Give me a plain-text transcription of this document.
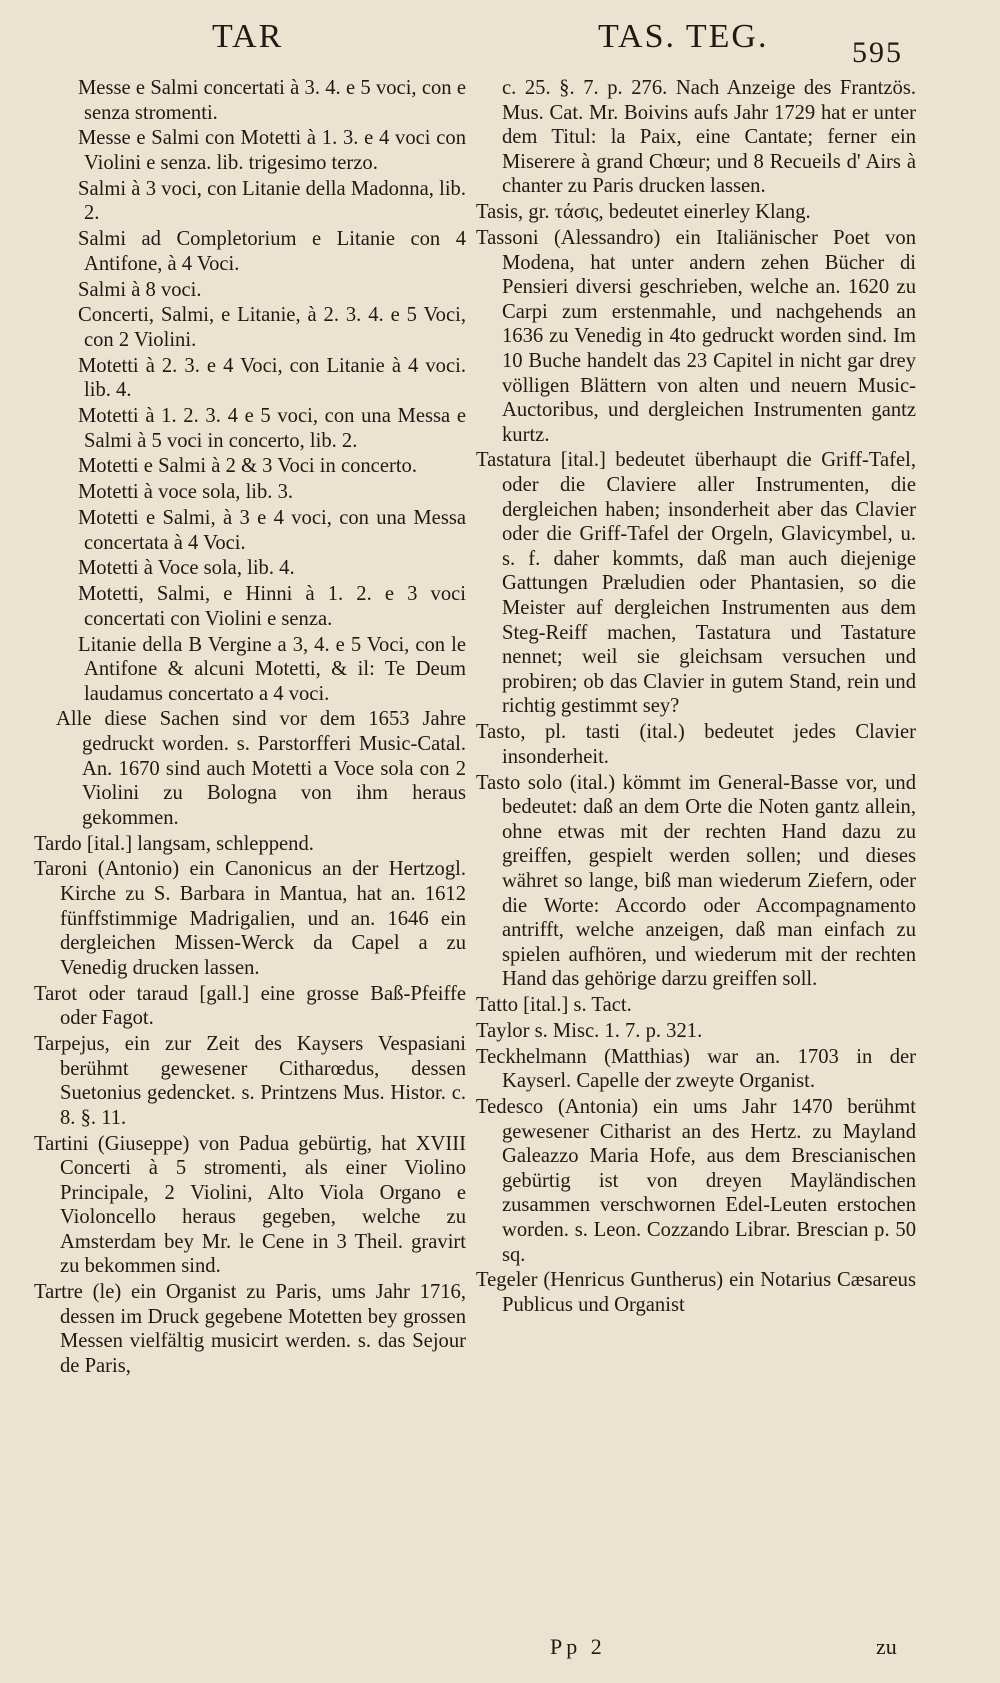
TAR	TAS. TEG.	595

Messe e Salmi concertati à 3. 4. e 5 voci, con e senza stromenti.

Messe e Salmi con Motetti à 1. 3. e 4 voci con Violini e senza. lib. trigesimo terzo.

Salmi à 3 voci, con Litanie della Madonna, lib. 2.

Salmi ad Completorium e Litanie con 4 Antifone, à 4 Voci.

Salmi à 8 voci.

Concerti, Salmi, e Litanie, à 2. 3. 4. e 5 Voci, con 2 Violini.

Motetti à 2. 3. e 4 Voci, con Litanie à 4 voci. lib. 4.

Motetti à 1. 2. 3. 4 e 5 voci, con una Messa e Salmi à 5 voci in concerto, lib. 2.

Motetti e Salmi à 2 & 3 Voci in concerto.

Motetti à voce sola, lib. 3.

Motetti e Salmi, à 3 e 4 voci, con una Messa concertata à 4 Voci.

Motetti à Voce sola, lib. 4.

Motetti, Salmi, e Hinni à 1. 2. e 3 voci concertati con Violini e senza.

Litanie della B Vergine a 3, 4. e 5 Voci, con le Antifone & alcuni Motetti, & il: Te Deum laudamus concertato a 4 voci.

Alle diese Sachen sind vor dem 1653 Jahre gedruckt worden. s. Parstorfferi Music-Catal. An. 1670 sind auch Motetti a Voce sola con 2 Violini zu Bologna von ihm heraus gekommen.

Tardo [ital.] langsam, schleppend.

Taroni (Antonio) ein Canonicus an der Hertzogl. Kirche zu S. Barbara in Mantua, hat an. 1612 fünffstimmige Madrigalien, und an. 1646 ein dergleichen Missen-Werck da Capel a zu Venedig drucken lassen.

Tarot oder taraud [gall.] eine grosse Baß-Pfeiffe oder Fagot.

Tarpejus, ein zur Zeit des Kaysers Vespasiani berühmt gewesener Citharœdus, dessen Suetonius gedencket. s. Printzens Mus. Histor. c. 8. §. 11.

Tartini (Giuseppe) von Padua gebürtig, hat XVIII Concerti à 5 stromenti, als einer Violino Principale, 2 Violini, Alto Viola Organo e Violoncello heraus gegeben, welche zu Amsterdam bey Mr. le Cene in 3 Theil. gravirt zu bekommen sind.

Tartre (le) ein Organist zu Paris, ums Jahr 1716, dessen im Druck gegebene Motetten bey grossen Messen vielfältig musicirt werden. s. das Sejour de Paris,

c. 25. §. 7. p. 276. Nach Anzeige des Frantzös. Mus. Cat. Mr. Boivins aufs Jahr 1729 hat er unter dem Titul: la Paix, eine Cantate; ferner ein Miserere à grand Chœur; und 8 Recueils d' Airs à chanter zu Paris drucken lassen.

Tasis, gr. τάσις, bedeutet einerley Klang.

Tassoni (Alessandro) ein Italiänischer Poet von Modena, hat unter andern zehen Bücher di Pensieri diversi geschrieben, welche an. 1620 zu Carpi zum erstenmahle, und nachgehends an 1636 zu Venedig in 4to gedruckt worden sind. Im 10 Buche handelt das 23 Capitel in nicht gar drey völligen Blättern von alten und neuern Music-Auctoribus, und dergleichen Instrumenten gantz kurtz.

Tastatura [ital.] bedeutet überhaupt die Griff-Tafel, oder die Claviere aller Instrumenten, die dergleichen haben; insonderheit aber das Clavier oder die Griff-Tafel der Orgeln, Glavicymbel, u. s. f. daher kommts, daß man auch diejenige Gattungen Præludien oder Phantasien, so die Meister auf dergleichen Instrumenten aus dem Steg-Reiff machen, Tastatura und Tastature nennet; weil sie gleichsam versuchen und probiren; ob das Clavier in gutem Stand, rein und richtig gestimmt sey?

Tasto, pl. tasti (ital.) bedeutet jedes Clavier insonderheit.

Tasto solo (ital.) kömmt im General-Basse vor, und bedeutet: daß an dem Orte die Noten gantz allein, ohne etwas mit der rechten Hand dazu zu greiffen, gespielt werden sollen; und dieses währet so lange, biß man wiederum Ziefern, oder die Worte: Accordo oder Accompagnamento antrifft, welche anzeigen, daß man einfach zu spielen aufhören, und wiederum mit der rechten Hand das gehörige darzu greiffen soll.

Tatto [ital.] s. Tact.

Taylor s. Misc. 1. 7. p. 321.

Teckhelmann (Matthias) war an. 1703 in der Kayserl. Capelle der zweyte Organist.

Tedesco (Antonia) ein ums Jahr 1470 berühmt gewesener Citharist an des Hertz. zu Mayland Galeazzo Maria Hofe, aus dem Brescianischen gebürtig ist von dreyen Mayländischen zusammen verschwornen Edel-Leuten erstochen worden. s. Leon. Cozzando Librar. Brescian p. 50 sq.

Tegeler (Henricus Guntherus) ein Notarius Cæsareus Publicus und Organist

Pp 2	zu
